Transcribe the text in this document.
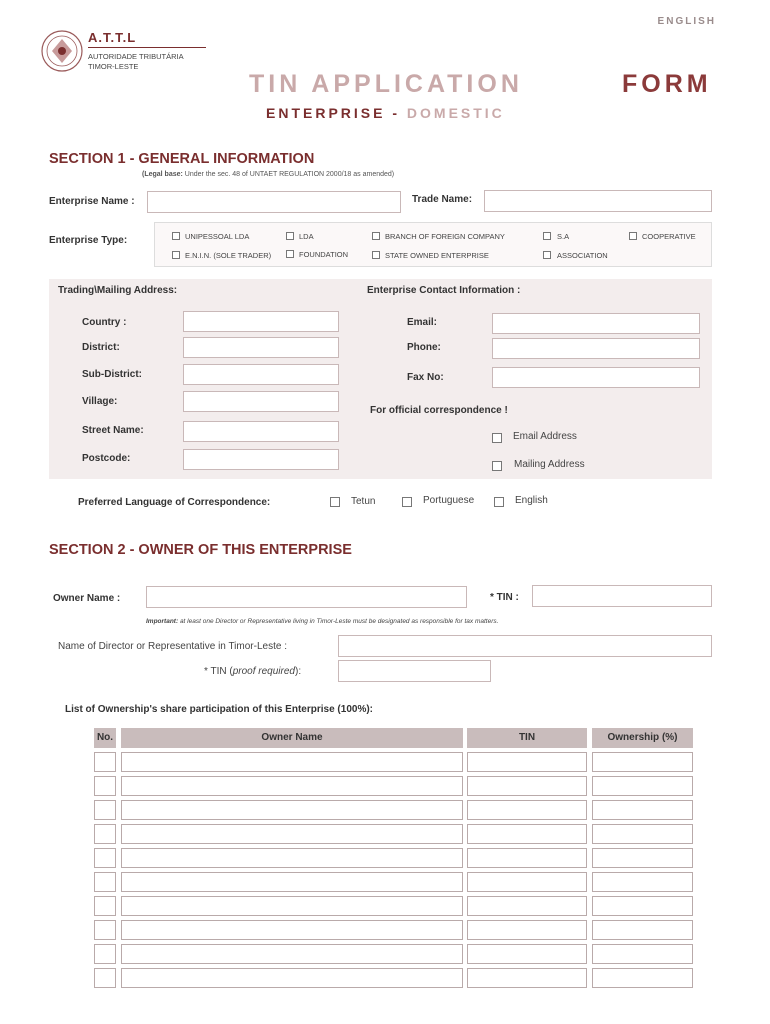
ENGLISH
A.T.T.L
AUTORIDADE TRIBUTÁRIA
TIMOR-LESTE
TIN APPLICATION	FORM
ENTERPRISE - DOMESTIC
SECTION 1 - GENERAL INFORMATION
(Legal base: Under the sec. 48 of UNTAET REGULATION 2000/18 as amended)
Enterprise Name :	Trade Name:
Enterprise Type:	UNIPESSOAL LDA	LDA	BRANCH OF FOREIGN COMPANY	S.A	COOPERATIVE
E.N.I.N. (SOLE TRADER)	FOUNDATION	STATE OWNED ENTERPRISE	ASSOCIATION
Trading\Mailing Address:	Enterprise Contact Information :
Country :
District:
Sub-District:
Village:
Street Name:
Postcode:
Email:
Phone:
Fax No:
For official correspondence !
Email Address
Mailing Address
Preferred Language of Correspondence:	Tetun	Portuguese	English
SECTION 2 - OWNER OF THIS ENTERPRISE
Owner Name :	* TIN :
Important: at least one Director or Representative living in Timor-Leste must be designated as responsible for tax matters.
Name of Director or Representative in Timor-Leste :
* TIN (proof required):
List of Ownership's share participation of this Enterprise (100%):
No.	Owner Name	TIN	Ownership (%)
